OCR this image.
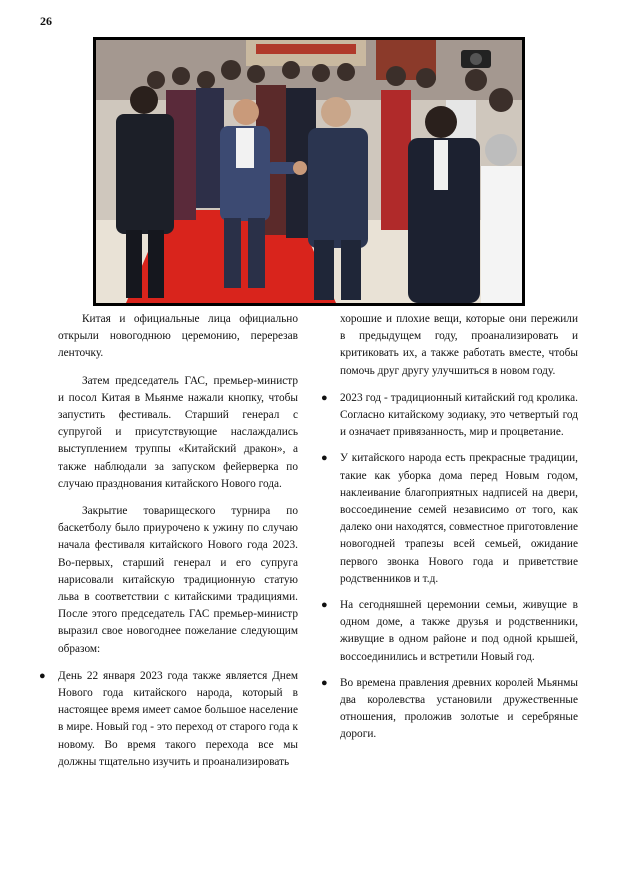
26

Китая и официальные лица официально открыли новогоднюю церемонию, перерезав ленточку.

Затем председатель ГАС, премьер-министр и посол Китая в Мьянме нажали кнопку, чтобы запустить фестиваль. Старший генерал с супругой и присутствующие наслаждались выступлением труппы «Китайский дракон», а также наблюдали за запуском фейерверка по случаю празднования китайского Нового года.

Закрытие товарищеского турнира по баскетболу было приурочено к ужину по случаю начала фестиваля китайского Нового года 2023. Во-первых, старший генерал и его супруга нарисовали китайскую традиционную статую льва в соответствии с китайскими традициями. После этого председатель ГАС премьер-министр выразил свое новогоднее пожелание следующим образом:

● День 22 января 2023 года также является Днем Нового года китайского народа, который в настоящее время имеет самое большое население в мире. Новый год - это переход от старого года к новому. Во время такого перехода все мы должны тщательно изучить и проанализировать

хорошие и плохие вещи, которые они пережили в предыдущем году, проанализировать и критиковать их, а также работать вместе, чтобы помочь друг другу улучшиться в новом году.

● 2023 год - традиционный китайский год кролика. Согласно китайскому зодиаку, это четвертый год и означает привязанность, мир и процветание.
● У китайского народа есть прекрасные традиции, такие как уборка дома перед Новым годом, наклеивание благоприятных надписей на двери, воссоединение семей независимо от того, как далеко они находятся, совместное приготовление новогодней трапезы всей семьей, ожидание первого звонка Нового года и приветствие родственников и т.д.
● На сегодняшней церемонии семьи, живущие в одном доме, а также друзья и родственники, живущие в одном районе и под одной крышей, воссоединились и встретили Новый год.
● Во времена правления древних королей Мьянмы два королевства установили дружественные отношения, проложив золотые и серебряные дороги.
